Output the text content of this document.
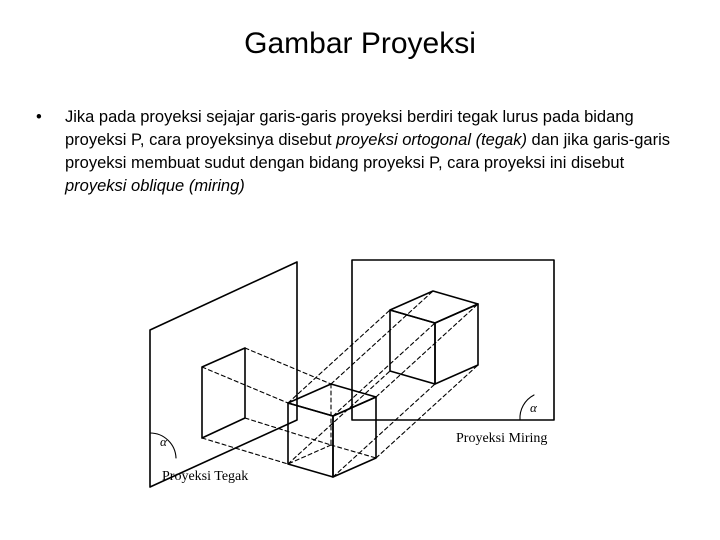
Gambar Proyeksi
• Jika pada proyeksi sejajar garis-garis proyeksi berdiri tegak lurus pada bidang proyeksi P, cara proyeksinya disebut proyeksi ortogonal (tegak) dan jika garis-garis proyeksi membuat sudut dengan bidang proyeksi P, cara proyeksi ini disebut proyeksi oblique (miring)
α
α
Proyeksi Tegak
Proyeksi Miring
